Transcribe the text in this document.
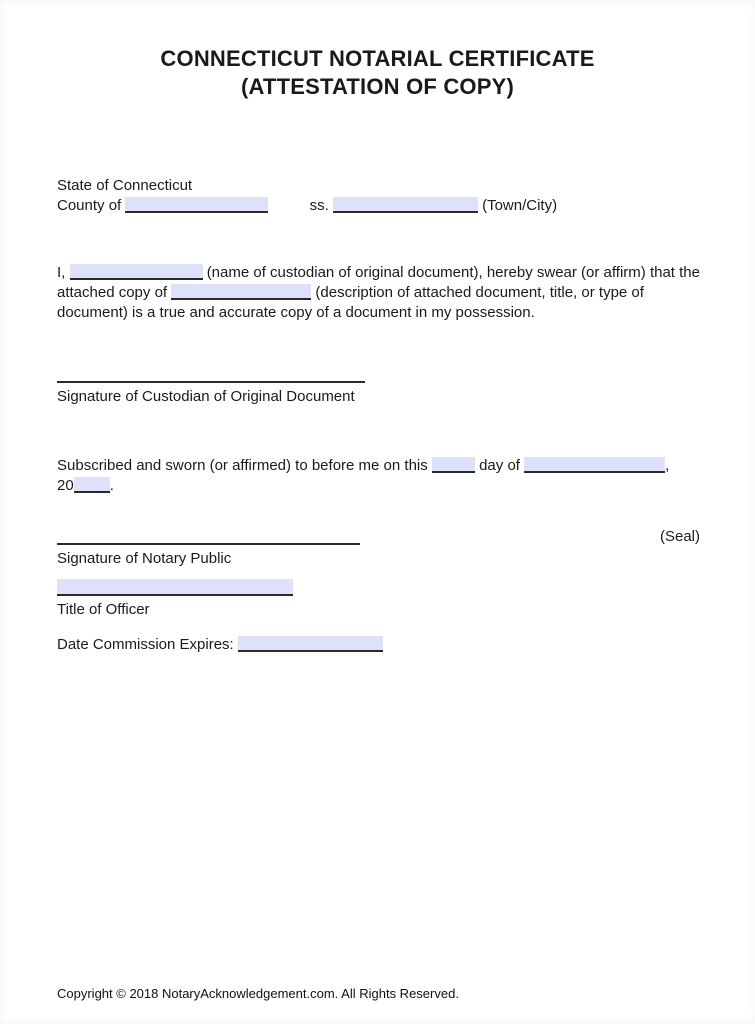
CONNECTICUT NOTARIAL CERTIFICATE
(ATTESTATION OF COPY)
State of Connecticut
County of	ss.	(Town/City)

I,	(name of custodian of original document), hereby swear (or affirm) that the attached copy of	(description of attached document, title, or type of document) is a true and accurate copy of a document in my possession.

Signature of Custodian of Original Document

Subscribed and sworn (or affirmed) to before me on this	day of	,
20 .

(Seal)
Signature of Notary Public
Title of Officer
Date Commission Expires:
Copyright © 2018 NotaryAcknowledgement.com. All Rights Reserved.
